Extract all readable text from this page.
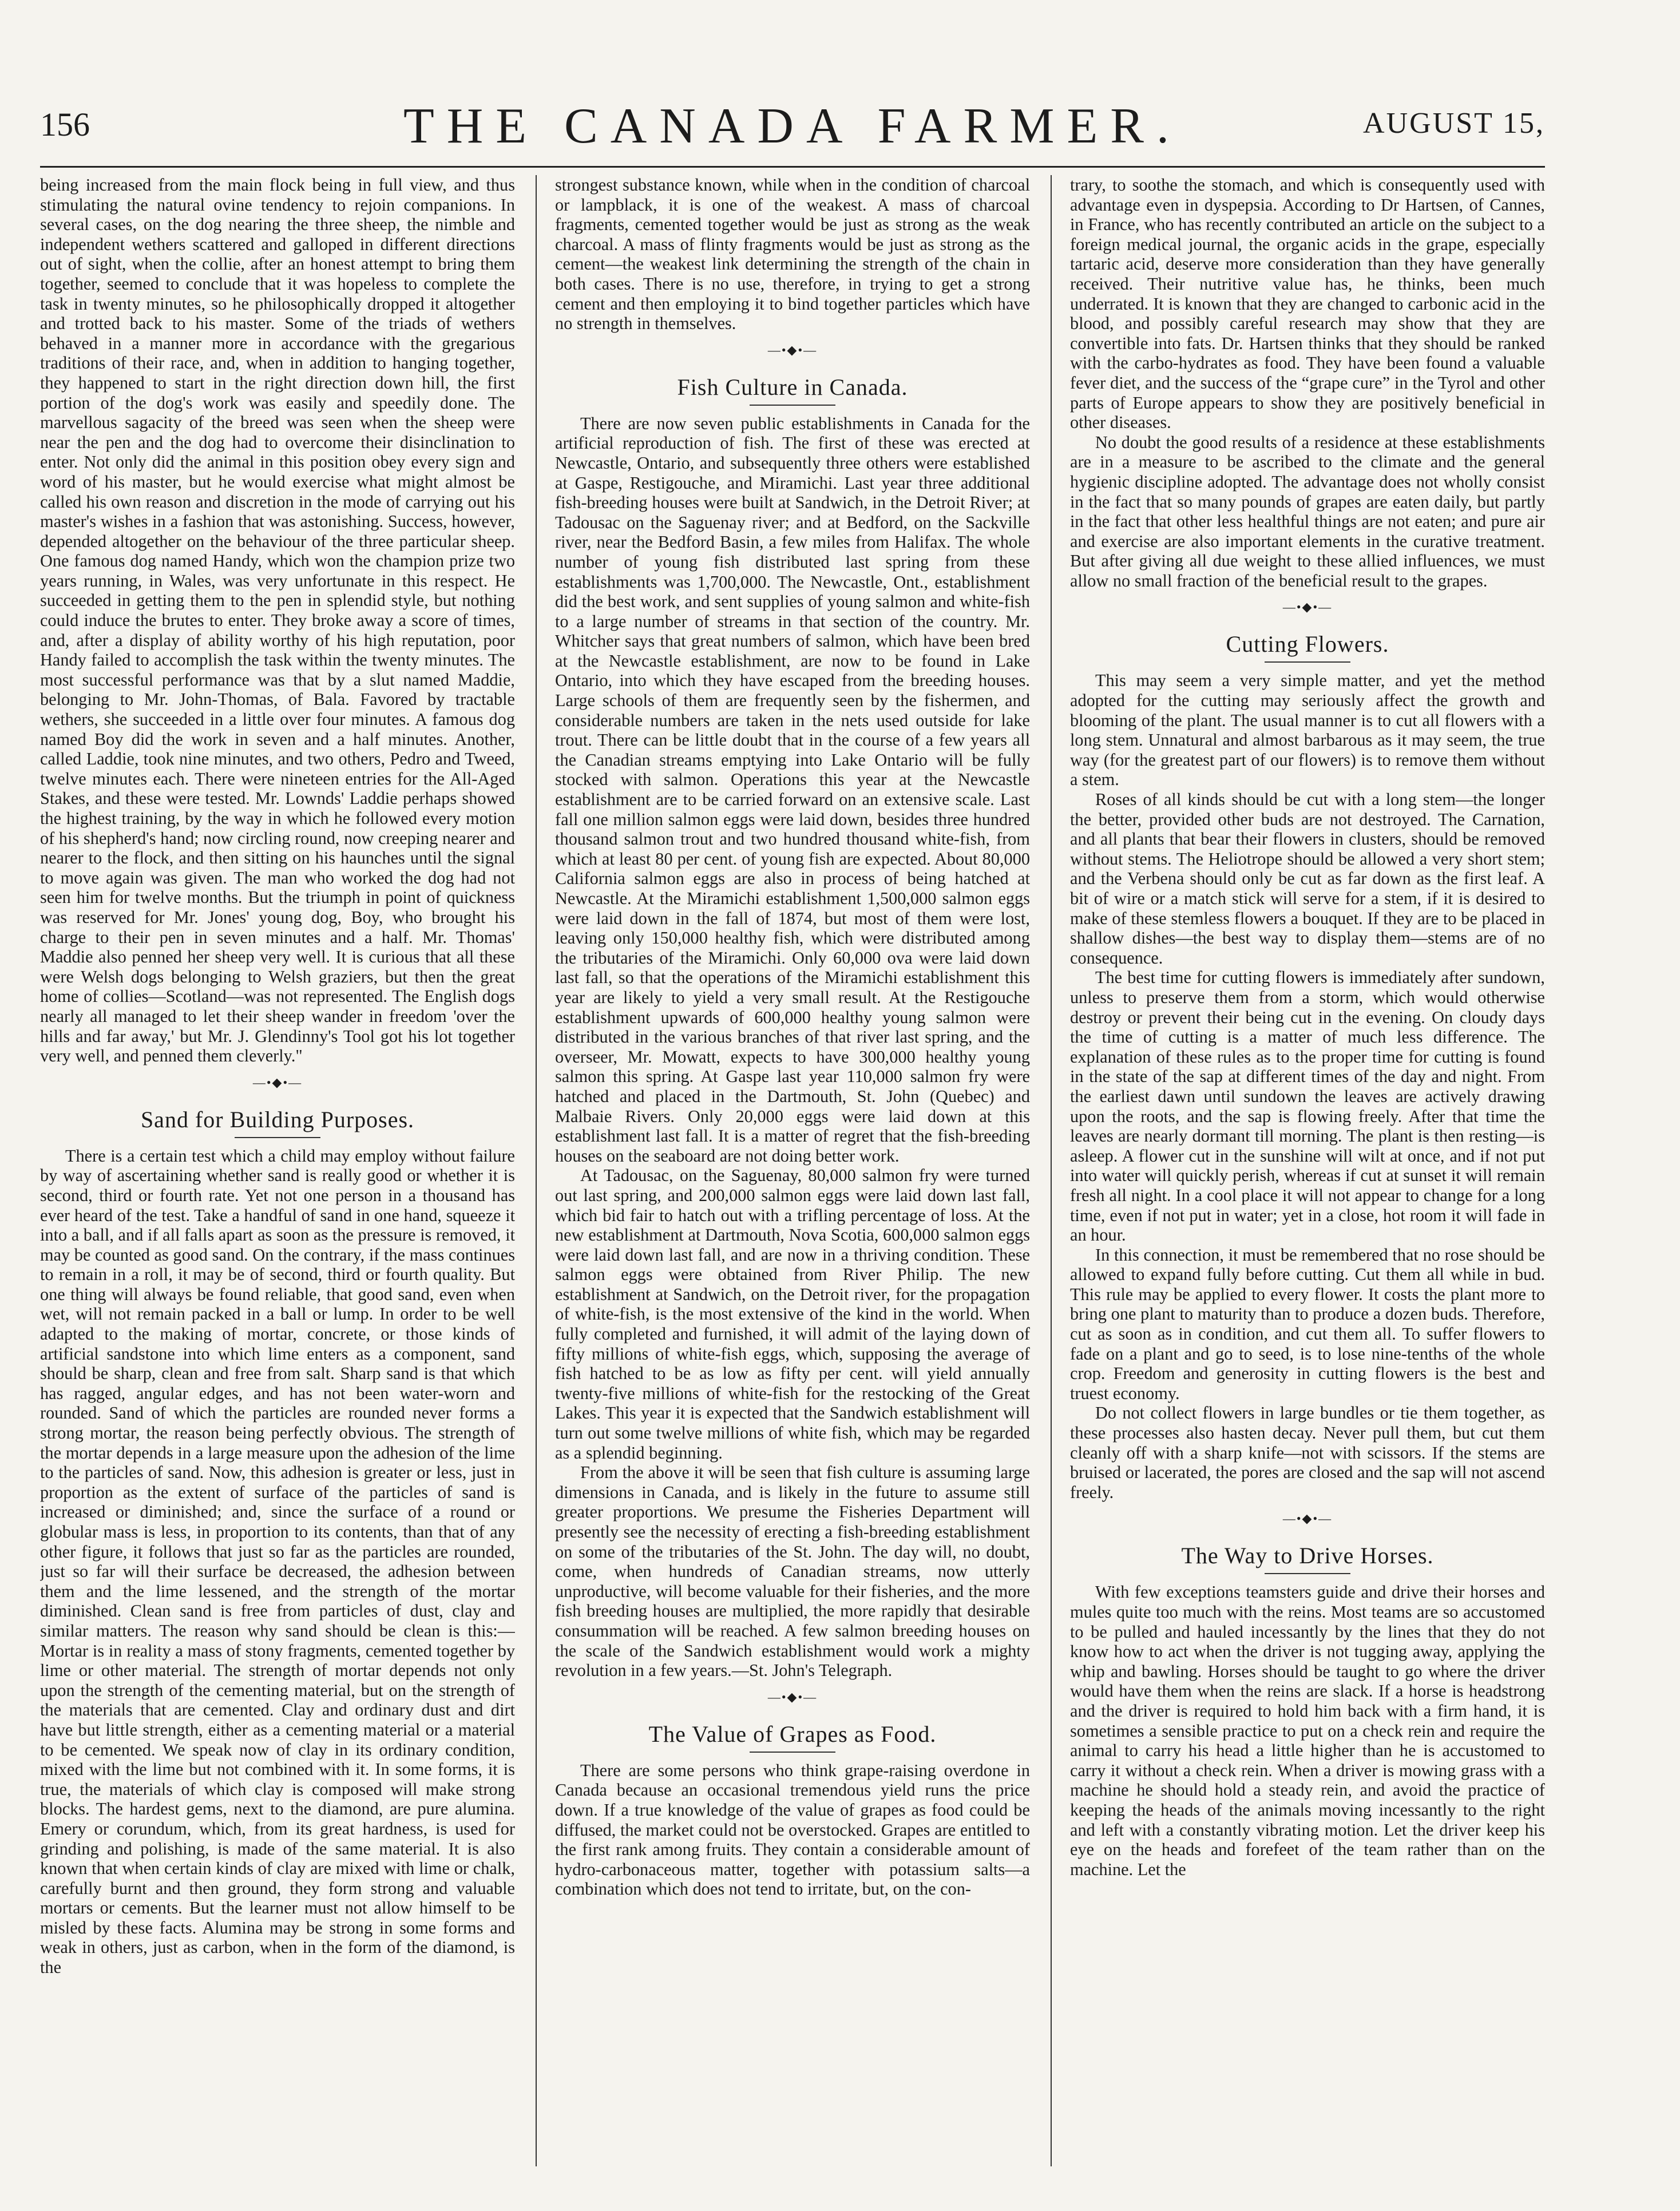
156	THE CANADA FARMER.	AUGUST 15,

being increased from the main flock being in full view, and thus stimulating the natural ovine tendency to rejoin companions. In several cases, on the dog nearing the three sheep, the nimble and independent wethers scattered and galloped in different directions out of sight, when the collie, after an honest attempt to bring them together, seemed to conclude that it was hopeless to complete the task in twenty minutes, so he philosophically dropped it altogether and trotted back to his master. Some of the triads of wethers behaved in a manner more in accordance with the gregarious traditions of their race, and, when in addition to hanging together, they happened to start in the right direction down hill, the first portion of the dog's work was easily and speedily done. The marvellous sagacity of the breed was seen when the sheep were near the pen and the dog had to overcome their disinclination to enter. Not only did the animal in this position obey every sign and word of his master, but he would exercise what might almost be called his own reason and discretion in the mode of carrying out his master's wishes in a fashion that was astonishing. Success, however, depended altogether on the behaviour of the three particular sheep. One famous dog named Handy, which won the champion prize two years running, in Wales, was very unfortunate in this respect. He succeeded in getting them to the pen in splendid style, but nothing could induce the brutes to enter. They broke away a score of times, and, after a display of ability worthy of his high reputation, poor Handy failed to accomplish the task within the twenty minutes. The most successful performance was that by a slut named Maddie, belonging to Mr. John-Thomas, of Bala. Favored by tractable wethers, she succeeded in a little over four minutes. A famous dog named Boy did the work in seven and a half minutes. Another, called Laddie, took nine minutes, and two others, Pedro and Tweed, twelve minutes each. There were nineteen entries for the All-Aged Stakes, and these were tested. Mr. Lownds' Laddie perhaps showed the highest training, by the way in which he followed every motion of his shepherd's hand; now circling round, now creeping nearer and nearer to the flock, and then sitting on his haunches until the signal to move again was given. The man who worked the dog had not seen him for twelve months. But the triumph in point of quickness was reserved for Mr. Jones' young dog, Boy, who brought his charge to their pen in seven minutes and a half. Mr. Thomas' Maddie also penned her sheep very well. It is curious that all these were Welsh dogs belonging to Welsh graziers, but then the great home of collies—Scotland—was not represented. The English dogs nearly all managed to let their sheep wander in freedom 'over the hills and far away,' but Mr. J. Glendinny's Tool got his lot together very well, and penned them cleverly."

—•◆•—
Sand for Building Purposes.

There is a certain test which a child may employ without failure by way of ascertaining whether sand is really good or whether it is second, third or fourth rate. Yet not one person in a thousand has ever heard of the test. Take a handful of sand in one hand, squeeze it into a ball, and if all falls apart as soon as the pressure is removed, it may be counted as good sand. On the contrary, if the mass continues to remain in a roll, it may be of second, third or fourth quality. But one thing will always be found reliable, that good sand, even when wet, will not remain packed in a ball or lump. In order to be well adapted to the making of mortar, concrete, or those kinds of artificial sandstone into which lime enters as a component, sand should be sharp, clean and free from salt. Sharp sand is that which has ragged, angular edges, and has not been water-worn and rounded. Sand of which the particles are rounded never forms a strong mortar, the reason being perfectly obvious. The strength of the mortar depends in a large measure upon the adhesion of the lime to the particles of sand. Now, this adhesion is greater or less, just in proportion as the extent of surface of the particles of sand is increased or diminished; and, since the surface of a round or globular mass is less, in proportion to its contents, than that of any other figure, it follows that just so far as the particles are rounded, just so far will their surface be decreased, the adhesion between them and the lime lessened, and the strength of the mortar diminished. Clean sand is free from particles of dust, clay and similar matters. The reason why sand should be clean is this:—Mortar is in reality a mass of stony fragments, cemented together by lime or other material. The strength of mortar depends not only upon the strength of the cementing material, but on the strength of the materials that are cemented. Clay and ordinary dust and dirt have but little strength, either as a cementing material or a material to be cemented. We speak now of clay in its ordinary condition, mixed with the lime but not combined with it. In some forms, it is true, the materials of which clay is composed will make strong blocks. The hardest gems, next to the diamond, are pure alumina. Emery or corundum, which, from its great hardness, is used for grinding and polishing, is made of the same material. It is also known that when certain kinds of clay are mixed with lime or chalk, carefully burnt and then ground, they form strong and valuable mortars or cements. But the learner must not allow himself to be misled by these facts. Alumina may be strong in some forms and weak in others, just as carbon, when in the form of the diamond, is the

strongest substance known, while when in the condition of charcoal or lampblack, it is one of the weakest. A mass of charcoal fragments, cemented together would be just as strong as the weak charcoal. A mass of flinty fragments would be just as strong as the cement—the weakest link determining the strength of the chain in both cases. There is no use, therefore, in trying to get a strong cement and then employing it to bind together particles which have no strength in themselves.

—•◆•—
Fish Culture in Canada.

There are now seven public establishments in Canada for the artificial reproduction of fish. The first of these was erected at Newcastle, Ontario, and subsequently three others were established at Gaspe, Restigouche, and Miramichi. Last year three additional fish-breeding houses were built at Sandwich, in the Detroit River; at Tadousac on the Saguenay river; and at Bedford, on the Sackville river, near the Bedford Basin, a few miles from Halifax. The whole number of young fish distributed last spring from these establishments was 1,700,000. The Newcastle, Ont., establishment did the best work, and sent supplies of young salmon and white-fish to a large number of streams in that section of the country. Mr. Whitcher says that great numbers of salmon, which have been bred at the Newcastle establishment, are now to be found in Lake Ontario, into which they have escaped from the breeding houses. Large schools of them are frequently seen by the fishermen, and considerable numbers are taken in the nets used outside for lake trout. There can be little doubt that in the course of a few years all the Canadian streams emptying into Lake Ontario will be fully stocked with salmon. Operations this year at the Newcastle establishment are to be carried forward on an extensive scale. Last fall one million salmon eggs were laid down, besides three hundred thousand salmon trout and two hundred thousand white-fish, from which at least 80 per cent. of young fish are expected. About 80,000 California salmon eggs are also in process of being hatched at Newcastle. At the Miramichi establishment 1,500,000 salmon eggs were laid down in the fall of 1874, but most of them were lost, leaving only 150,000 healthy fish, which were distributed among the tributaries of the Miramichi. Only 60,000 ova were laid down last fall, so that the operations of the Miramichi establishment this year are likely to yield a very small result. At the Restigouche establishment upwards of 600,000 healthy young salmon were distributed in the various branches of that river last spring, and the overseer, Mr. Mowatt, expects to have 300,000 healthy young salmon this spring. At Gaspe last year 110,000 salmon fry were hatched and placed in the Dartmouth, St. John (Quebec) and Malbaie Rivers. Only 20,000 eggs were laid down at this establishment last fall. It is a matter of regret that the fish-breeding houses on the seaboard are not doing better work.

At Tadousac, on the Saguenay, 80,000 salmon fry were turned out last spring, and 200,000 salmon eggs were laid down last fall, which bid fair to hatch out with a trifling percentage of loss. At the new establishment at Dartmouth, Nova Scotia, 600,000 salmon eggs were laid down last fall, and are now in a thriving condition. These salmon eggs were obtained from River Philip. The new establishment at Sandwich, on the Detroit river, for the propagation of white-fish, is the most extensive of the kind in the world. When fully completed and furnished, it will admit of the laying down of fifty millions of white-fish eggs, which, supposing the average of fish hatched to be as low as fifty per cent. will yield annually twenty-five millions of white-fish for the restocking of the Great Lakes. This year it is expected that the Sandwich establishment will turn out some twelve millions of white fish, which may be regarded as a splendid beginning.

From the above it will be seen that fish culture is assuming large dimensions in Canada, and is likely in the future to assume still greater proportions. We presume the Fisheries Department will presently see the necessity of erecting a fish-breeding establishment on some of the tributaries of the St. John. The day will, no doubt, come, when hundreds of Canadian streams, now utterly unproductive, will become valuable for their fisheries, and the more fish breeding houses are multiplied, the more rapidly that desirable consummation will be reached. A few salmon breeding houses on the scale of the Sandwich establishment would work a mighty revolution in a few years.—St. John's Telegraph.

—•◆•—
The Value of Grapes as Food.

There are some persons who think grape-raising overdone in Canada because an occasional tremendous yield runs the price down. If a true knowledge of the value of grapes as food could be diffused, the market could not be overstocked. Grapes are entitled to the first rank among fruits. They contain a considerable amount of hydro-carbonaceous matter, together with potassium salts—a combination which does not tend to irritate, but, on the con-

trary, to soothe the stomach, and which is consequently used with advantage even in dyspepsia. According to Dr Hartsen, of Cannes, in France, who has recently contributed an article on the subject to a foreign medical journal, the organic acids in the grape, especially tartaric acid, deserve more consideration than they have generally received. Their nutritive value has, he thinks, been much underrated. It is known that they are changed to carbonic acid in the blood, and possibly careful research may show that they are convertible into fats. Dr. Hartsen thinks that they should be ranked with the carbo-hydrates as food. They have been found a valuable fever diet, and the success of the “grape cure” in the Tyrol and other parts of Europe appears to show they are positively beneficial in other diseases.

No doubt the good results of a residence at these establishments are in a measure to be ascribed to the climate and the general hygienic discipline adopted. The advantage does not wholly consist in the fact that so many pounds of grapes are eaten daily, but partly in the fact that other less healthful things are not eaten; and pure air and exercise are also important elements in the curative treatment. But after giving all due weight to these allied influences, we must allow no small fraction of the beneficial result to the grapes.

—•◆•—
Cutting Flowers.

This may seem a very simple matter, and yet the method adopted for the cutting may seriously affect the growth and blooming of the plant. The usual manner is to cut all flowers with a long stem. Unnatural and almost barbarous as it may seem, the true way (for the greatest part of our flowers) is to remove them without a stem.

Roses of all kinds should be cut with a long stem—the longer the better, provided other buds are not destroyed. The Carnation, and all plants that bear their flowers in clusters, should be removed without stems. The Heliotrope should be allowed a very short stem; and the Verbena should only be cut as far down as the first leaf. A bit of wire or a match stick will serve for a stem, if it is desired to make of these stemless flowers a bouquet. If they are to be placed in shallow dishes—the best way to display them—stems are of no consequence.

The best time for cutting flowers is immediately after sundown, unless to preserve them from a storm, which would otherwise destroy or prevent their being cut in the evening. On cloudy days the time of cutting is a matter of much less difference. The explanation of these rules as to the proper time for cutting is found in the state of the sap at different times of the day and night. From the earliest dawn until sundown the leaves are actively drawing upon the roots, and the sap is flowing freely. After that time the leaves are nearly dormant till morning. The plant is then resting—is asleep. A flower cut in the sunshine will wilt at once, and if not put into water will quickly perish, whereas if cut at sunset it will remain fresh all night. In a cool place it will not appear to change for a long time, even if not put in water; yet in a close, hot room it will fade in an hour.

In this connection, it must be remembered that no rose should be allowed to expand fully before cutting. Cut them all while in bud. This rule may be applied to every flower. It costs the plant more to bring one plant to maturity than to produce a dozen buds. Therefore, cut as soon as in condition, and cut them all. To suffer flowers to fade on a plant and go to seed, is to lose nine-tenths of the whole crop. Freedom and generosity in cutting flowers is the best and truest economy.

Do not collect flowers in large bundles or tie them together, as these processes also hasten decay. Never pull them, but cut them cleanly off with a sharp knife—not with scissors. If the stems are bruised or lacerated, the pores are closed and the sap will not ascend freely.

—•◆•—
The Way to Drive Horses.

With few exceptions teamsters guide and drive their horses and mules quite too much with the reins. Most teams are so accustomed to be pulled and hauled incessantly by the lines that they do not know how to act when the driver is not tugging away, applying the whip and bawling. Horses should be taught to go where the driver would have them when the reins are slack. If a horse is headstrong and the driver is required to hold him back with a firm hand, it is sometimes a sensible practice to put on a check rein and require the animal to carry his head a little higher than he is accustomed to carry it without a check rein. When a driver is mowing grass with a machine he should hold a steady rein, and avoid the practice of keeping the heads of the animals moving incessantly to the right and left with a constantly vibrating motion. Let the driver keep his eye on the heads and forefeet of the team rather than on the machine. Let the
